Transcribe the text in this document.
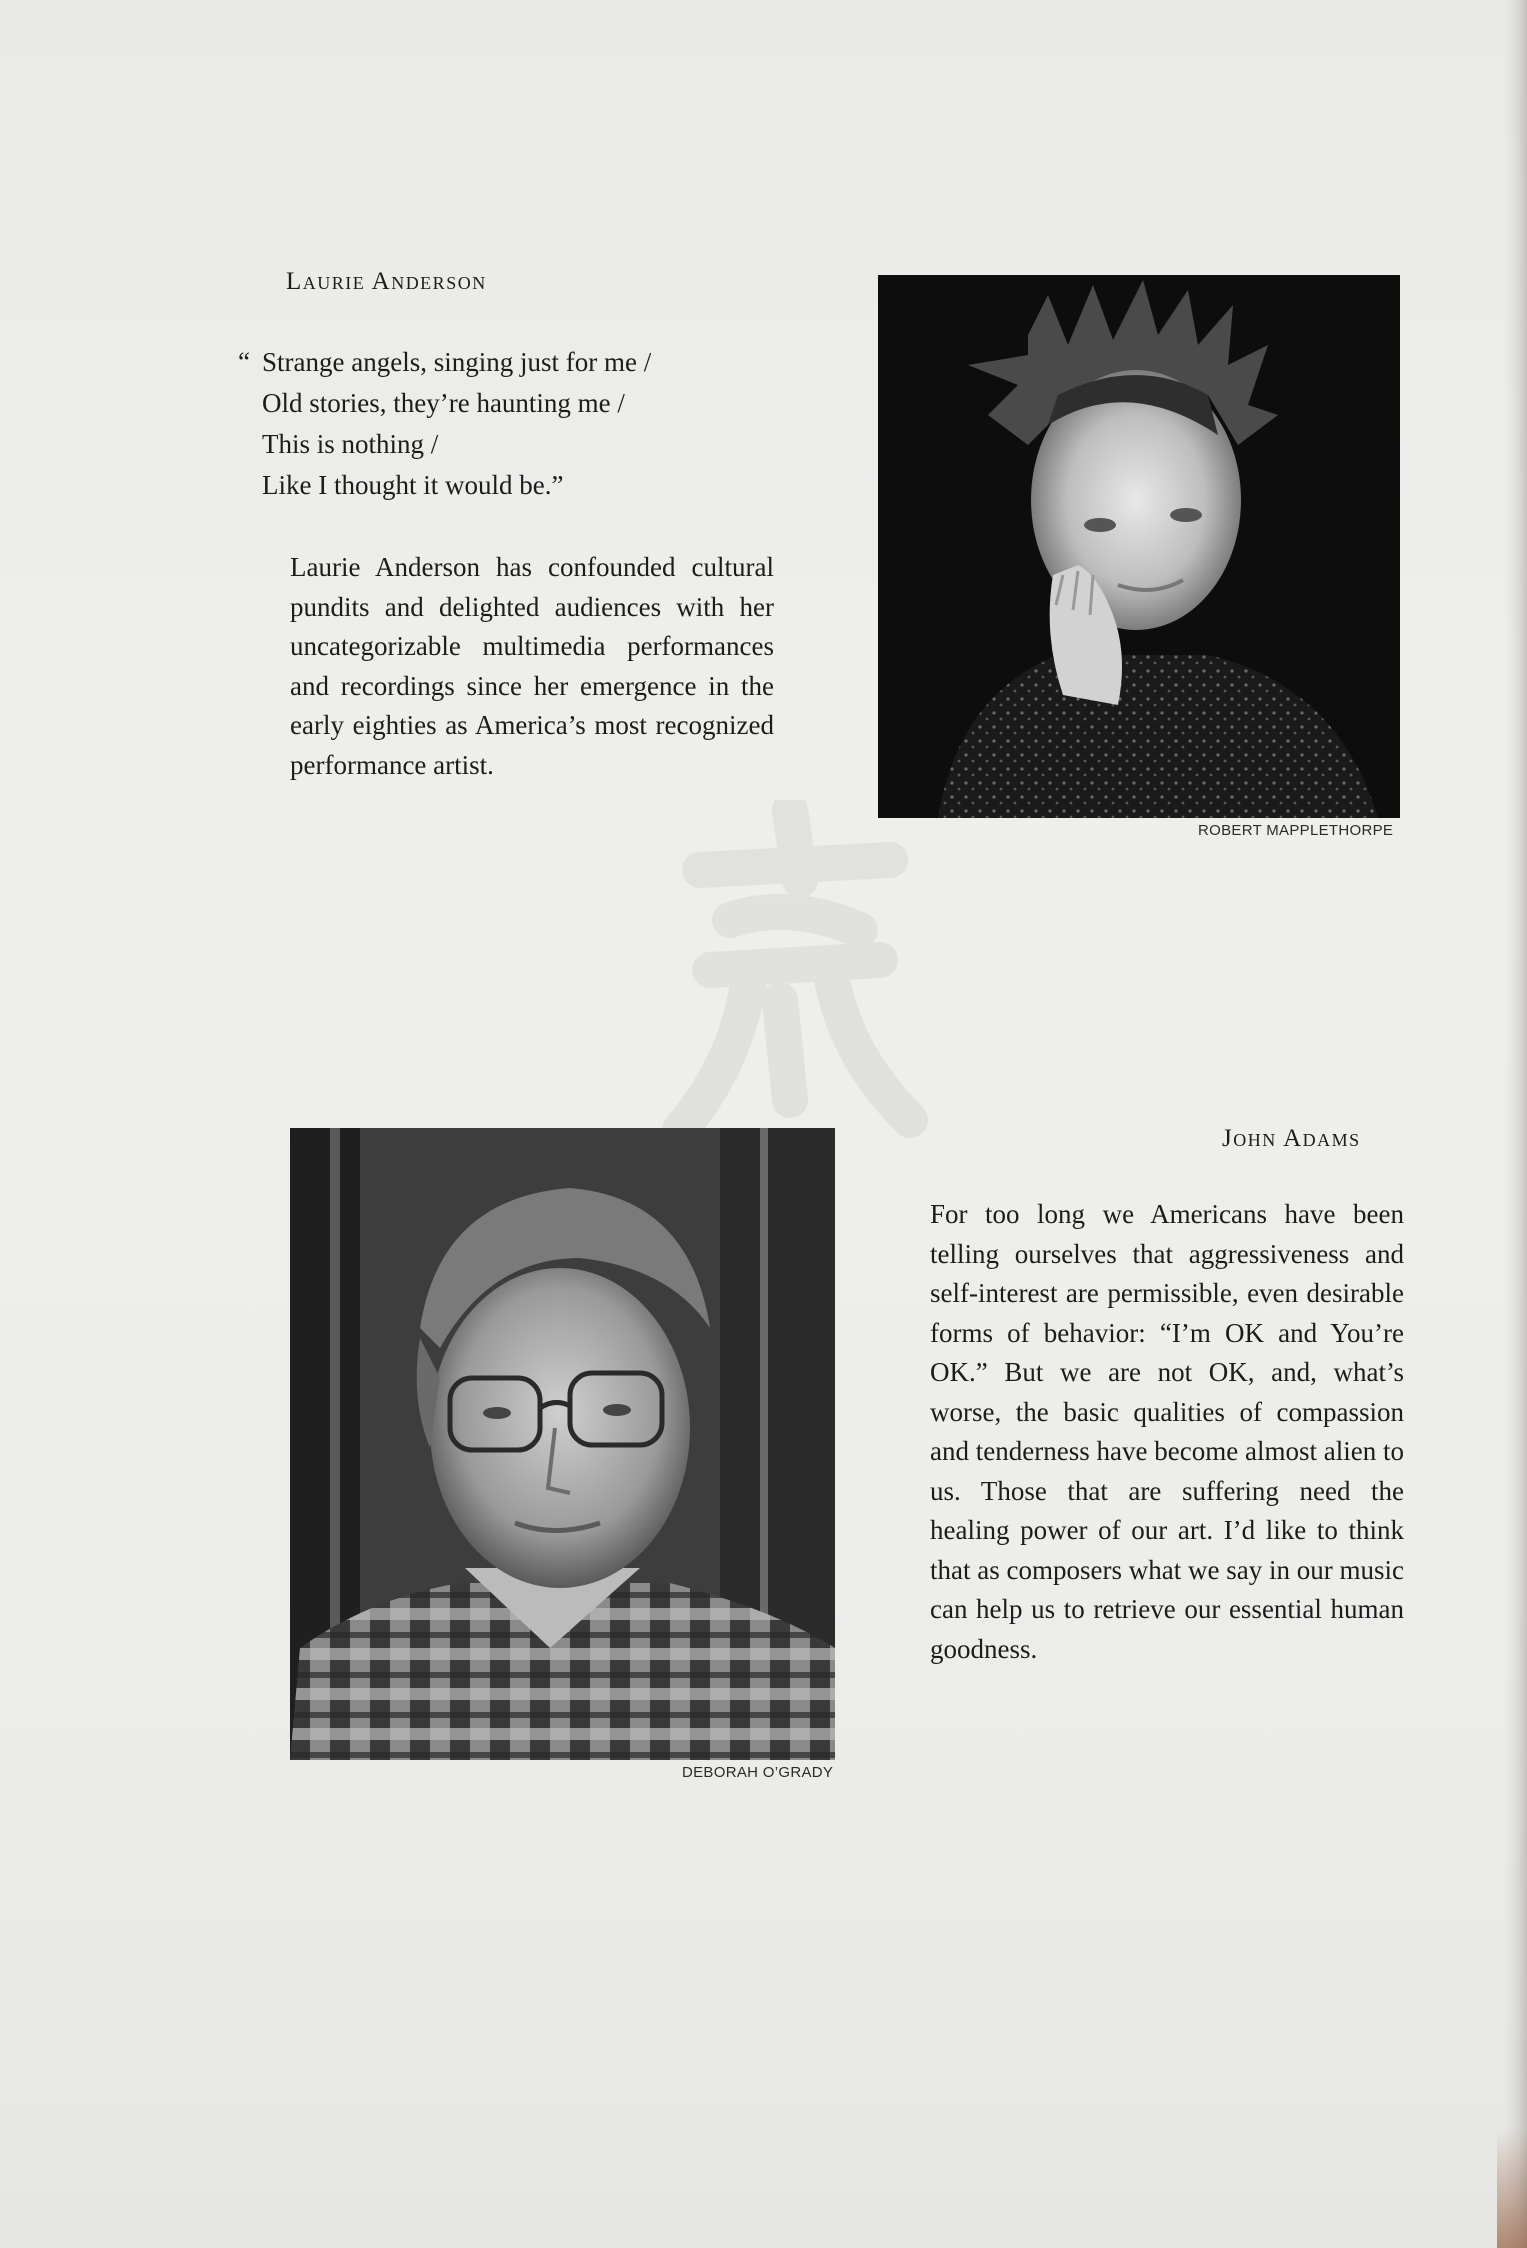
Laurie Anderson
“ Strange angels, singing just for me /
Old stories, they’re haunting me /
This is nothing /
Like I thought it would be.”
Laurie Anderson has confounded cultural pundits and delighted audiences with her uncategorizable multimedia performances and recordings since her emergence in the early eighties as America’s most recognized performance artist.
ROBERT MAPPLETHORPE
John Adams
For too long we Americans have been telling ourselves that aggressiveness and self-interest are permissible, even desirable forms of behavior: “I’m OK and You’re OK.” But we are not OK, and, what’s worse, the basic qualities of compassion and tenderness have become almost alien to us. Those that are suffering need the healing power of our art. I’d like to think that as composers what we say in our music can help us to retrieve our essential human goodness.
DEBORAH O’GRADY
